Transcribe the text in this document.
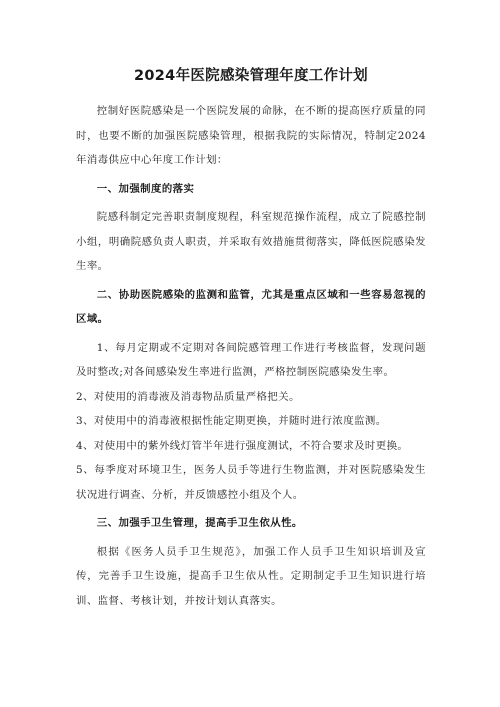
2024年医院感染管理年度工作计划

控制好医院感染是一个医院发展的命脉，在不断的提高医疗质量的同时，也要不断的加强医院感染管理，根据我院的实际情况，特制定2024年消毒供应中心年度工作计划：

一、加强制度的落实

院感科制定完善职责制度规程，科室规范操作流程，成立了院感控制小组，明确院感负责人职责，并采取有效措施贯彻落实，降低医院感染发生率。

二、协助医院感染的监测和监管，尤其是重点区域和一些容易忽视的区域。

1、每月定期或不定期对各间院感管理工作进行考核监督，发现问题及时整改;对各间感染发生率进行监测，严格控制医院感染发生率。

2、对使用的消毒液及消毒物品质量严格把关。

3、对使用中的消毒液根据性能定期更换，并随时进行浓度监测。

4、对使用中的紫外线灯管半年进行强度测试，不符合要求及时更换。

5、每季度对环境卫生，医务人员手等进行生物监测，并对医院感染发生状况进行调查、分析，并反馈感控小组及个人。

三、加强手卫生管理，提高手卫生依从性。

根据《医务人员手卫生规范》，加强工作人员手卫生知识培训及宣传，完善手卫生设施，提高手卫生依从性。定期制定手卫生知识进行培训、监督、考核计划，并按计划认真落实。
